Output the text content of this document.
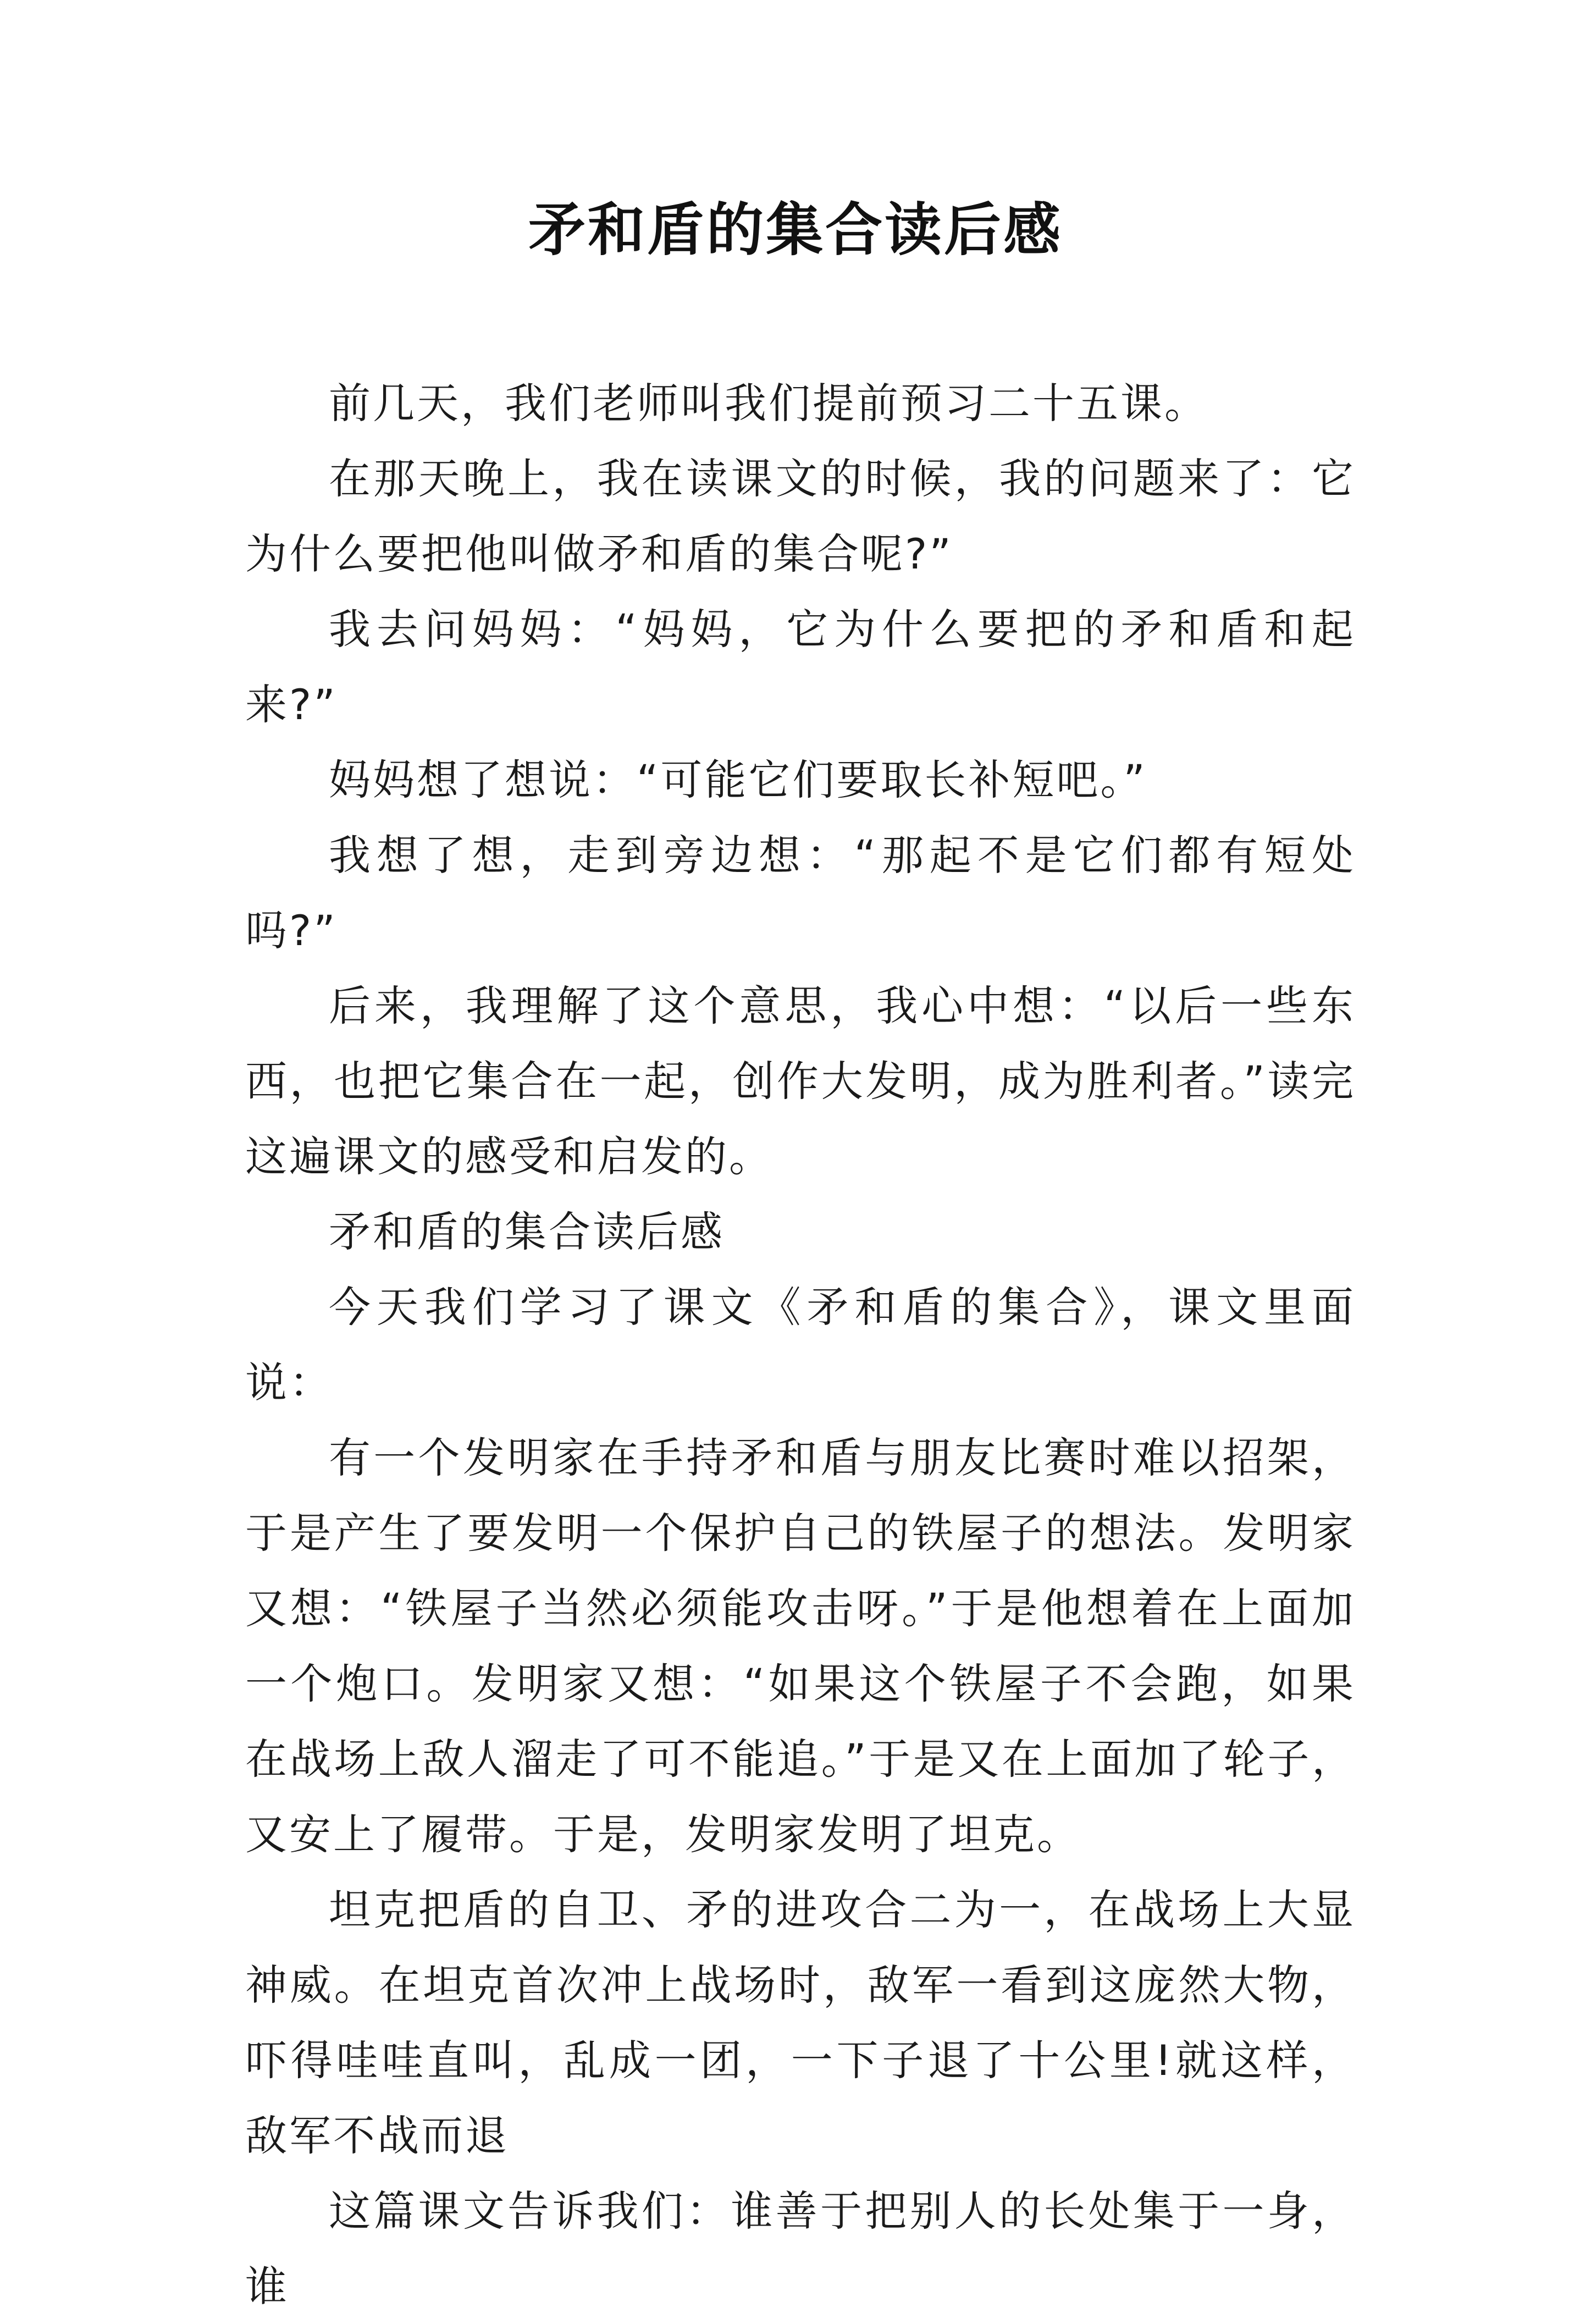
矛和盾的集合读后感

前几天，我们老师叫我们提前预习二十五课。

在那天晚上，我在读课文的时候，我的问题来了：它为什么要把他叫做矛和盾的集合呢?”

我去问妈妈：“妈妈，它为什么要把的矛和盾和起来?”

妈妈想了想说：“可能它们要取长补短吧。”

我想了想，走到旁边想：“那起不是它们都有短处吗?”

后来，我理解了这个意思，我心中想：“以后一些东西，也把它集合在一起，创作大发明，成为胜利者。”读完这遍课文的感受和启发的。

矛和盾的集合读后感

今天我们学习了课文《矛和盾的集合》，课文里面说：

有一个发明家在手持矛和盾与朋友比赛时难以招架，于是产生了要发明一个保护自己的铁屋子的想法。发明家又想：“铁屋子当然必须能攻击呀。”于是他想着在上面加一个炮口。发明家又想：“如果这个铁屋子不会跑，如果在战场上敌人溜走了可不能追。”于是又在上面加了轮子，又安上了履带。于是，发明家发明了坦克。

坦克把盾的自卫、矛的进攻合二为一，在战场上大显神威。在坦克首次冲上战场时，敌军一看到这庞然大物，吓得哇哇直叫，乱成一团，一下子退了十公里!就这样，敌军不战而退

这篇课文告诉我们：谁善于把别人的长处集于一身，谁
